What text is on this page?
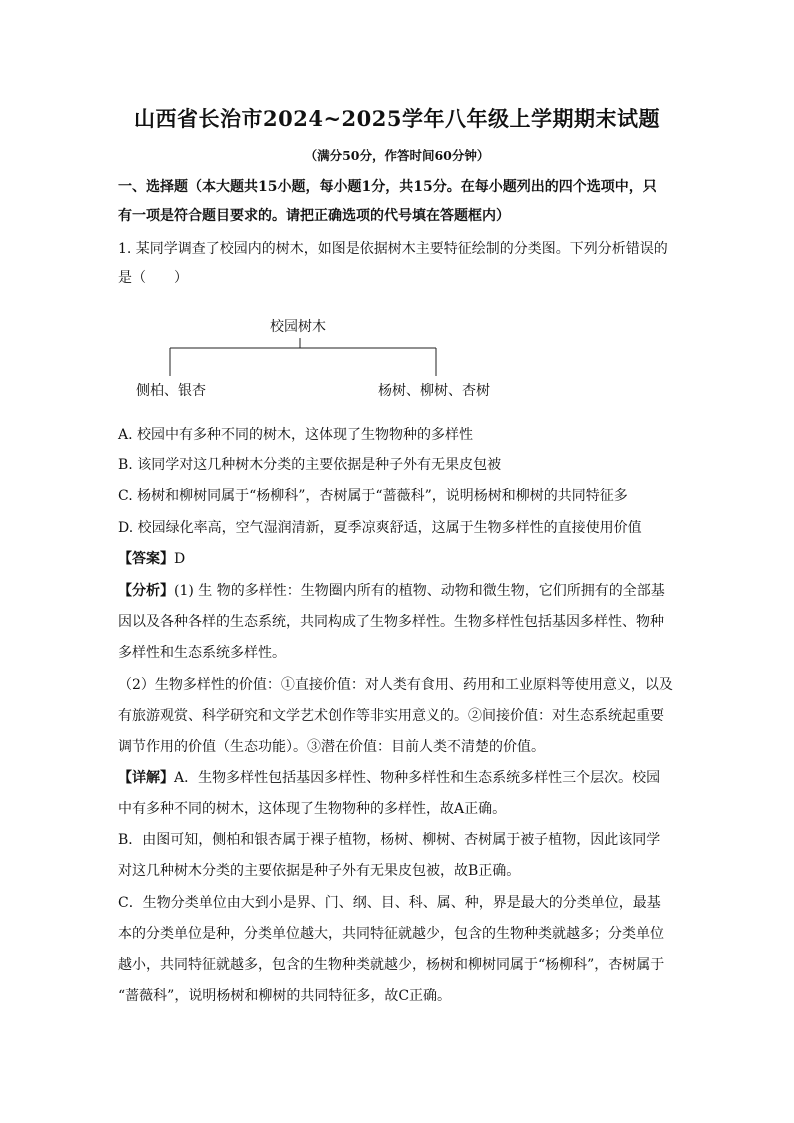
山西省长治市2024~2025学年八年级上学期期末试题
（满分50分，作答时间60分钟）
一、选择题（本大题共15小题，每小题1分，共15分。在每小题列出的四个选项中，只
有一项是符合题目要求的。请把正确选项的代号填在答题框内）
1. 某同学调查了校园内的树木，如图是依据树木主要特征绘制的分类图。下列分析错误的
是（　　）
校园树木
侧柏、银杏	杨树、柳树、杏树
A. 校园中有多种不同的树木，这体现了生物物种的多样性
B. 该同学对这几种树木分类的主要依据是种子外有无果皮包被
C. 杨树和柳树同属于“杨柳科”，杏树属于“蔷薇科”，说明杨树和柳树的共同特征多
D. 校园绿化率高，空气湿润清新，夏季凉爽舒适，这属于生物多样性的直接使用价值
【答案】D
【分析】(1) 生 物的多样性：生物圈内所有的植物、动物和微生物，它们所拥有的全部基
因以及各种各样的生态系统，共同构成了生物多样性。生物多样性包括基因多样性、物种
多样性和生态系统多样性。
（2）生物多样性的价值：①直接价值：对人类有食用、药用和工业原料等使用意义，以及
有旅游观赏、科学研究和文学艺术创作等非实用意义的。②间接价值：对生态系统起重要
调节作用的价值（生态功能）。③潜在价值：目前人类不清楚的价值。
【详解】A．生物多样性包括基因多样性、物种多样性和生态系统多样性三个层次。校园
中有多种不同的树木，这体现了生物物种的多样性，故A正确。
B．由图可知，侧柏和银杏属于裸子植物，杨树、柳树、杏树属于被子植物，因此该同学
对这几种树木分类的主要依据是种子外有无果皮包被，故B正确。
C．生物分类单位由大到小是界、门、纲、目、科、属、种，界是最大的分类单位，最基
本的分类单位是种，分类单位越大，共同特征就越少，包含的生物种类就越多；分类单位
越小，共同特征就越多，包含的生物种类就越少，杨树和柳树同属于“杨柳科”，杏树属于
“蔷薇科”，说明杨树和柳树的共同特征多，故C正确。
